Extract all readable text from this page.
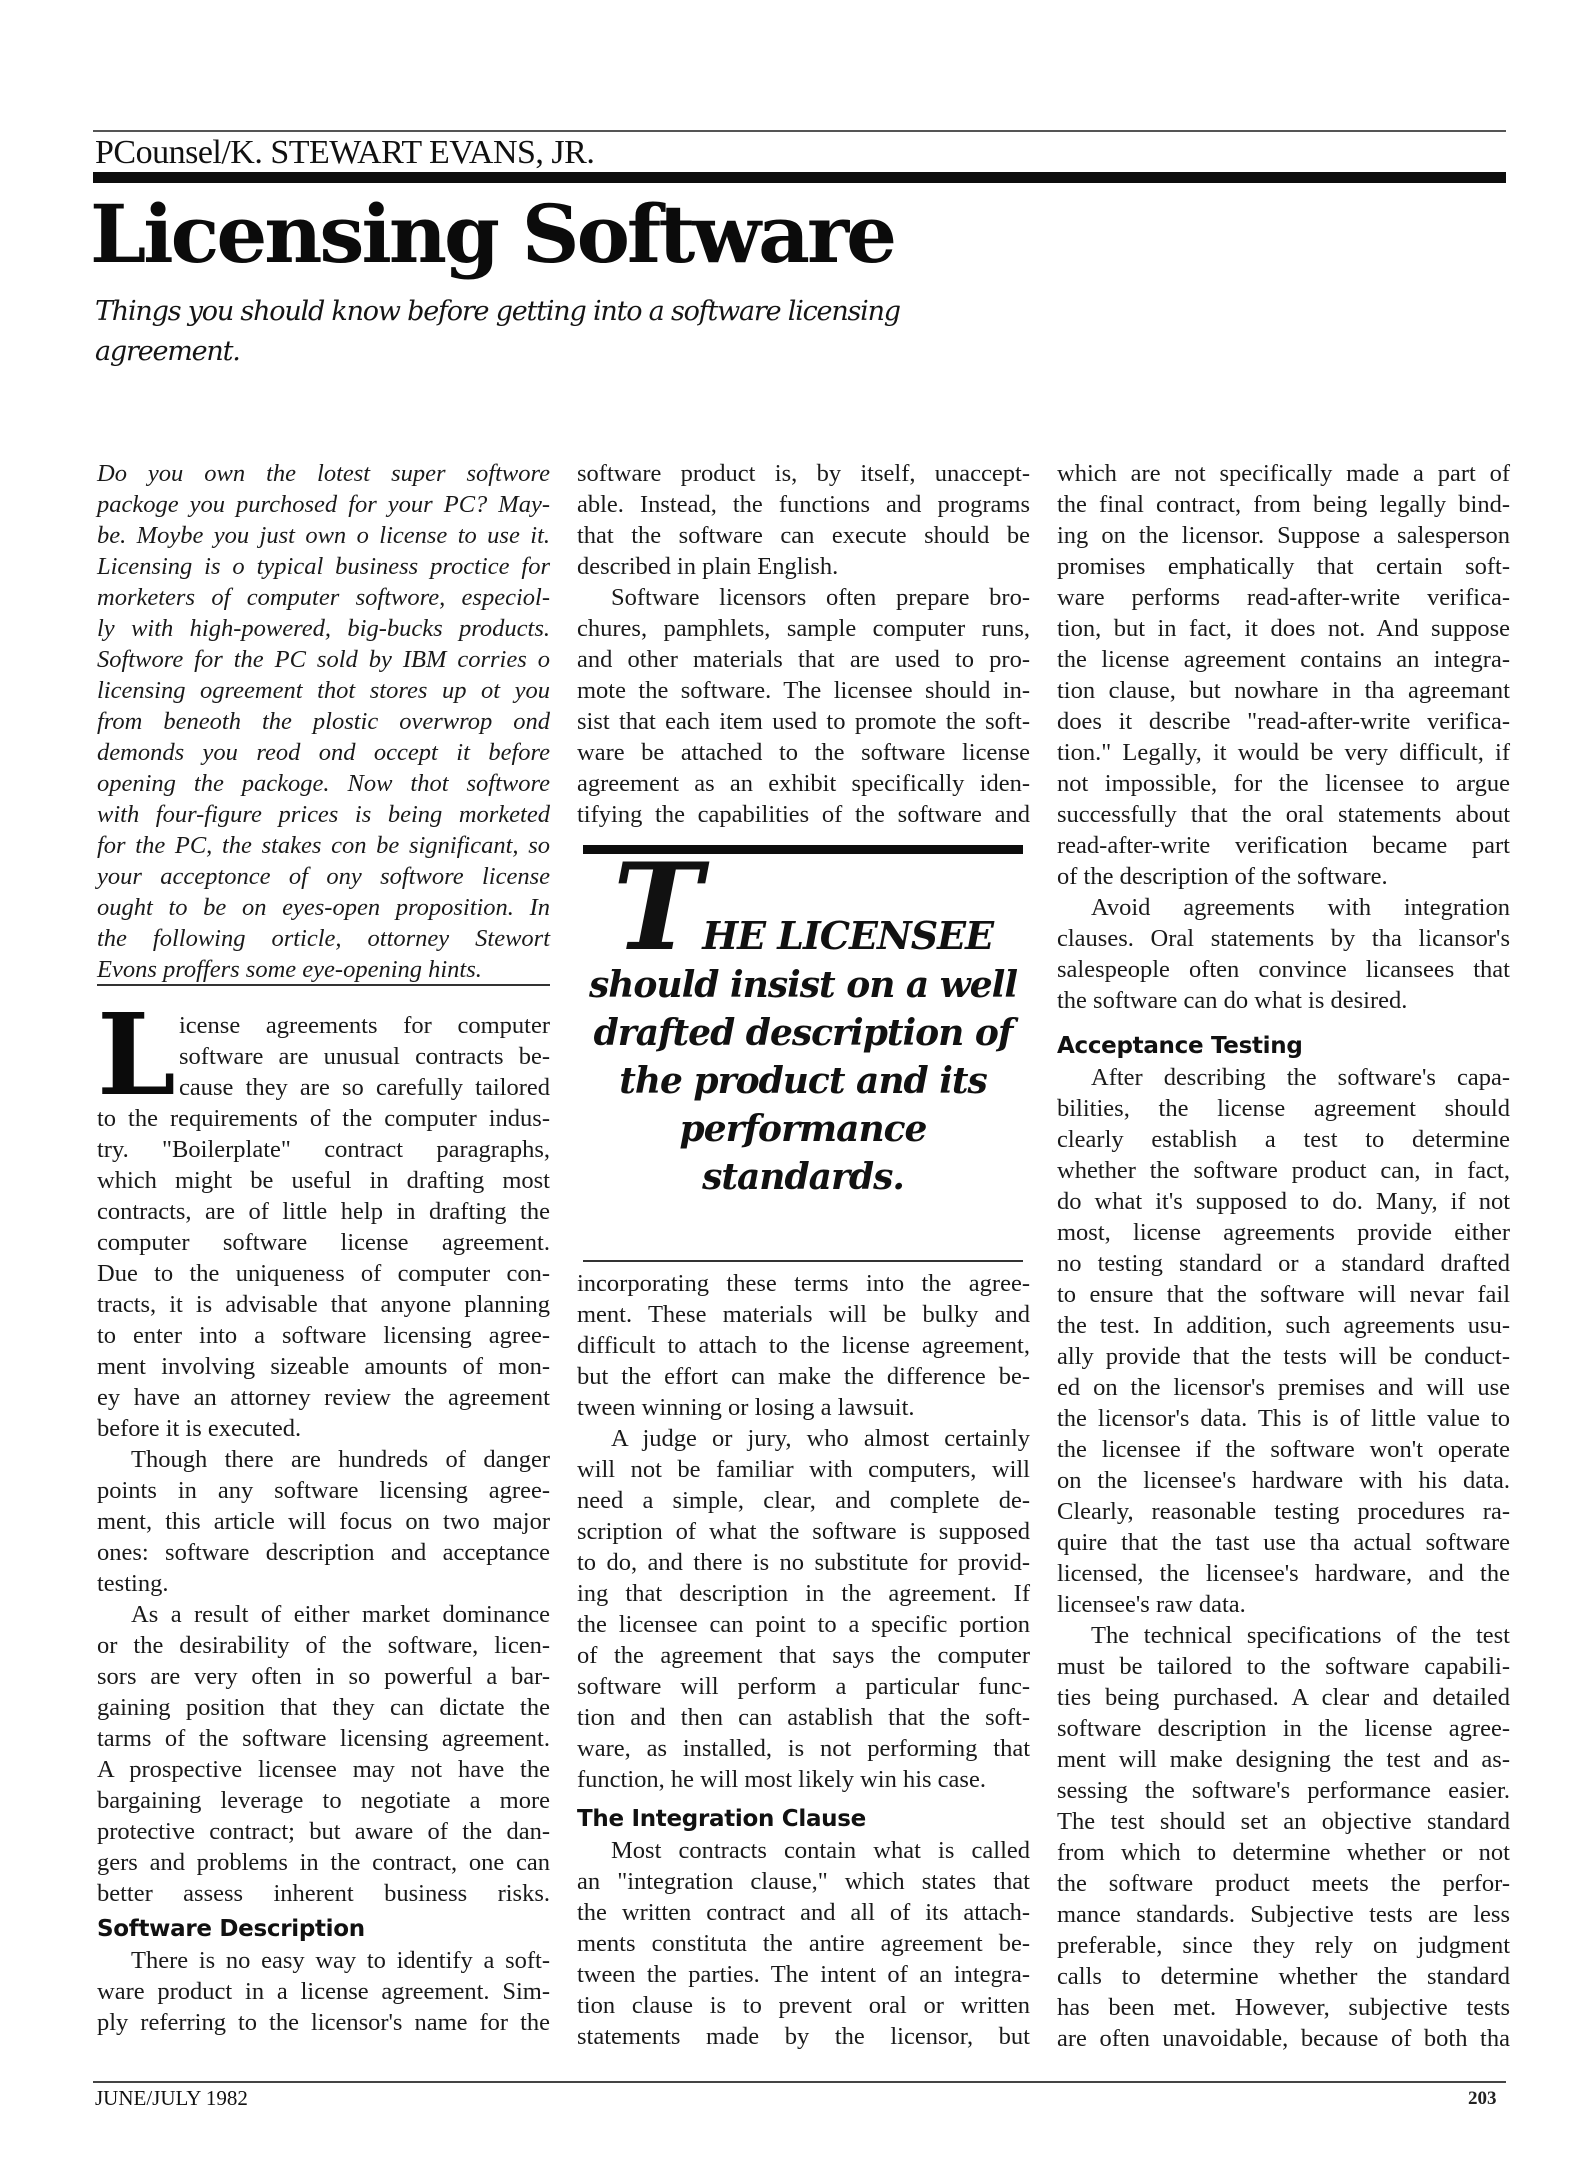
PCounsel/K. STEWART EVANS, JR.
Licensing Software
Things you should know before getting into a software licensing agreement.
Do you own the lotest super softwore
packoge you purchosed for your PC? May-
be. Moybe you just own o license to use it.
Licensing is o typical business proctice for
morketers of computer softwore, especiol-
ly with high-powered, big-bucks products.
Softwore for the PC sold by IBM corries o
licensing ogreement thot stores up ot you
from beneoth the plostic overwrop ond
demonds you reod ond occept it before
opening the packoge. Now thot softwore
with four-figure prices is being morketed
for the PC, the stakes con be significant, so
your acceptonce of ony softwore license
ought to be on eyes-open proposition. In
the following orticle, ottorney Stewort
Evons proffers some eye-opening hints.
L icense agreements for computer
software are unusual contracts be-
cause they are so carefully tailored
to the requirements of the computer indus-
try. "Boilerplate" contract paragraphs,
which might be useful in drafting most
contracts, are of little help in drafting the
computer software license agreement.
Due to the uniqueness of computer con-
tracts, it is advisable that anyone planning
to enter into a software licensing agree-
ment involving sizeable amounts of mon-
ey have an attorney review the agreement
before it is executed.
Though there are hundreds of danger
points in any software licensing agree-
ment, this article will focus on two major
ones: software description and acceptance
testing.
As a result of either market dominance
or the desirability of the software, licen-
sors are very often in so powerful a bar-
gaining position that they can dictate the
tarms of the software licensing agreement.
A prospective licensee may not have the
bargaining leverage to negotiate a more
protective contract; but aware of the dan-
gers and problems in the contract, one can
better assess inherent business risks.
Software Description
There is no easy way to identify a soft-
ware product in a license agreement. Sim-
ply referring to the licensor's name for the
software product is, by itself, unaccept-
able. Instead, the functions and programs
that the software can execute should be
described in plain English.
Software licensors often prepare bro-
chures, pamphlets, sample computer runs,
and other materials that are used to pro-
mote the software. The licensee should in-
sist that each item used to promote the soft-
ware be attached to the software license
agreement as an exhibit specifically iden-
tifying the capabilities of the software and
THE LICENSEE
should insist on a well
drafted description of
the product and its
performance
standards.
incorporating these terms into the agree-
ment. These materials will be bulky and
difficult to attach to the license agreement,
but the effort can make the difference be-
tween winning or losing a lawsuit.
A judge or jury, who almost certainly
will not be familiar with computers, will
need a simple, clear, and complete de-
scription of what the software is supposed
to do, and there is no substitute for provid-
ing that description in the agreement. If
the licensee can point to a specific portion
of the agreement that says the computer
software will perform a particular func-
tion and then can astablish that the soft-
ware, as installed, is not performing that
function, he will most likely win his case.
The Integration Clause
Most contracts contain what is called
an "integration clause," which states that
the written contract and all of its attach-
ments constituta the antire agreement be-
tween the parties. The intent of an integra-
tion clause is to prevent oral or written
statements made by the licensor, but
which are not specifically made a part of
the final contract, from being legally bind-
ing on the licensor. Suppose a salesperson
promises emphatically that certain soft-
ware performs read-after-write verifica-
tion, but in fact, it does not. And suppose
the license agreement contains an integra-
tion clause, but nowhare in tha agreemant
does it describe "read-after-write verifica-
tion." Legally, it would be very difficult, if
not impossible, for the licensee to argue
successfully that the oral statements about
read-after-write verification became part
of the description of the software.
Avoid agreements with integration
clauses. Oral statements by tha licansor's
salespeople often convince licansees that
the software can do what is desired.
Acceptance Testing
After describing the software's capa-
bilities, the license agreement should
clearly establish a test to determine
whether the software product can, in fact,
do what it's supposed to do. Many, if not
most, license agreements provide either
no testing standard or a standard drafted
to ensure that the software will nevar fail
the test. In addition, such agreements usu-
ally provide that the tests will be conduct-
ed on the licensor's premises and will use
the licensor's data. This is of little value to
the licensee if the software won't operate
on the licensee's hardware with his data.
Clearly, reasonable testing procedures ra-
quire that the tast use tha actual software
licensed, the licensee's hardware, and the
licensee's raw data.
The technical specifications of the test
must be tailored to the software capabili-
ties being purchased. A clear and detailed
software description in the license agree-
ment will make designing the test and as-
sessing the software's performance easier.
The test should set an objective standard
from which to determine whether or not
the software product meets the perfor-
mance standards. Subjective tests are less
preferable, since they rely on judgment
calls to determine whether the standard
has been met. However, subjective tests
are often unavoidable, because of both tha
JUNE/JULY 1982	203
